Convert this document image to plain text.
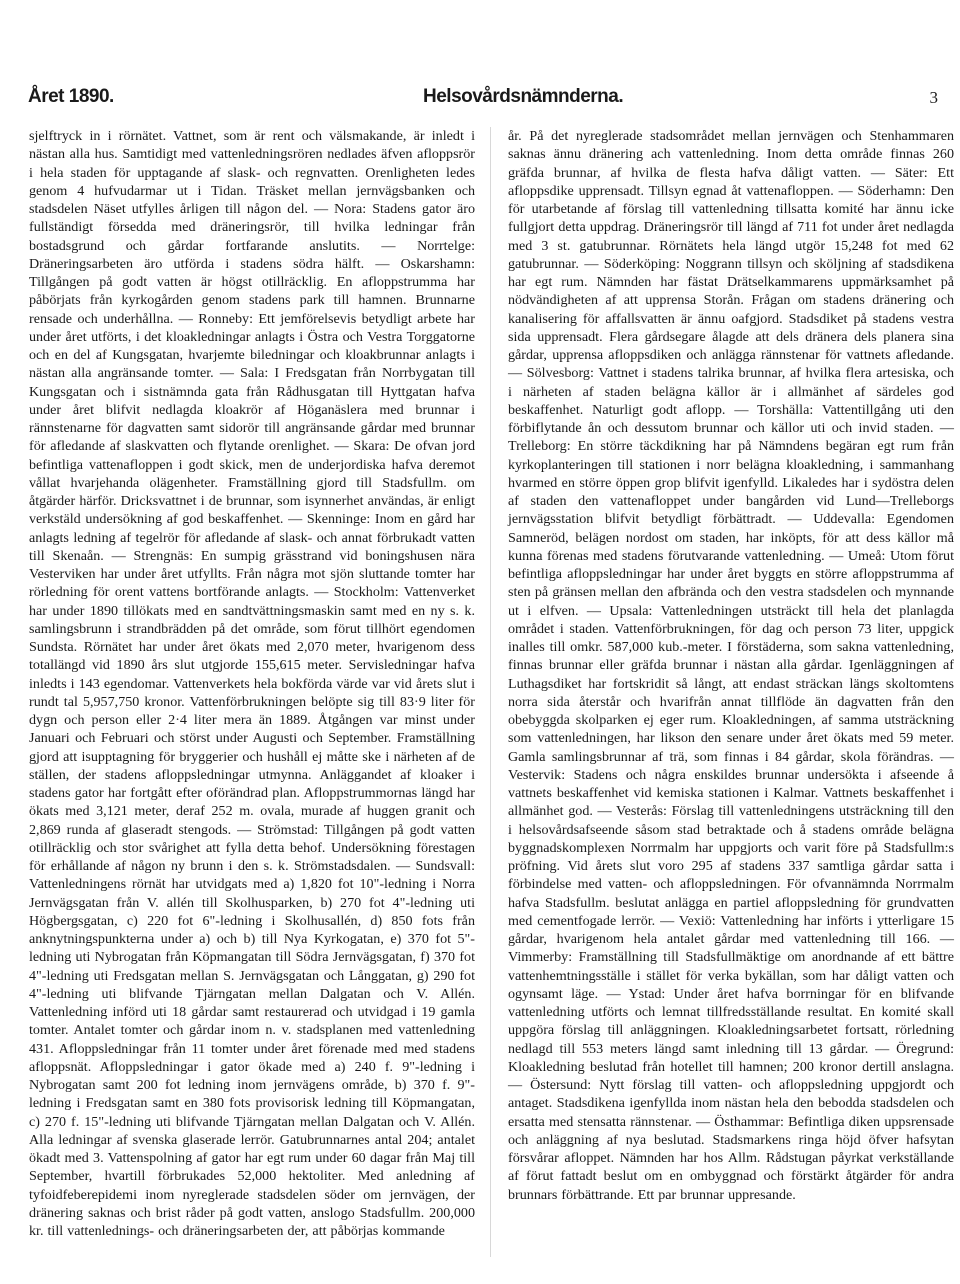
Året 1890.	Helsovårdsnämnderna.	3

sjelftryck in i rörnätet. Vattnet, som är rent och välsmakande, är inledt i nästan alla hus. Samtidigt med vattenledningsrören nedlades äfven afloppsrör i hela staden för upptagande af slask- och regnvatten. Orenligheten ledes genom 4 hufvudarmar ut i Tidan. Träsket mellan jernvägsbanken och stadsdelen Näset utfylles årligen till någon del. — Nora: Stadens gator äro fullständigt försedda med dräneringsrör, till hvilka ledningar från bostadsgrund och gårdar fortfarande anslutits. — Norrtelge: Dräneringsarbeten äro utförda i stadens södra hälft. — Oskarshamn: Tillgången på godt vatten är högst otillräcklig. En afloppstrumma har påbörjats från kyrkogården genom stadens park till hamnen. Brunnarne rensade och underhållna. — Ronneby: Ett jemförelsevis betydligt arbete har under året utförts, i det kloakledningar anlagts i Östra och Vestra Torggatorne och en del af Kungsgatan, hvarjemte biledningar och kloakbrunnar anlagts i nästan alla angränsande tomter. — Sala: I Fredsgatan från Norrbygatan till Kungsgatan och i sistnämnda gata från Rådhusgatan till Hyttgatan hafva under året blifvit nedlagda kloakrör af Höganäslera med brunnar i rännstenarne för dagvatten samt sidorör till angränsande gårdar med brunnar för afledande af slaskvatten och flytande orenlighet. — Skara: De ofvan jord befintliga vattenafloppen i godt skick, men de underjordiska hafva deremot vållat hvarjehanda olägenheter. Framställning gjord till Stadsfullm. om åtgärder härför. Dricksvattnet i de brunnar, som isynnerhet användas, är enligt verkstäld undersökning af god beskaffenhet. — Skenninge: Inom en gård har anlagts ledning af tegelrör för afledande af slask- och annat förbrukadt vatten till Skenaån. — Strengnäs: En sumpig grässtrand vid boningshusen nära Vesterviken har under året utfyllts. Från några mot sjön sluttande tomter har rörledning för orent vattens bortförande anlagts. — Stockholm: Vattenverket har under 1890 tillökats med en sandtvättningsmaskin samt med en ny s. k. samlingsbrunn i strandbrädden på det område, som förut tillhört egendomen Sundsta. Rörnätet har under året ökats med 2,070 meter, hvarigenom dess totallängd vid 1890 års slut utgjorde 155,615 meter. Servisledningar hafva inledts i 143 egendomar. Vattenverkets hela bokförda värde var vid årets slut i rundt tal 5,957,750 kronor. Vattenförbrukningen belöpte sig till 83·9 liter för dygn och person eller 2·4 liter mera än 1889. Åtgången var minst under Januari och Februari och störst under Augusti och September. Framställning gjord att isupptagning för bryggerier och hushåll ej måtte ske i närheten af de ställen, der stadens afloppsledningar utmynna. Anläggandet af kloaker i stadens gator har fortgått efter oförändrad plan. Afloppstrummornas längd har ökats med 3,121 meter, deraf 252 m. ovala, murade af huggen granit och 2,869 runda af glaseradt stengods. — Strömstad: Tillgången på godt vatten otillräcklig och stor svårighet att fylla detta behof. Undersökning förestagen för erhållande af någon ny brunn i den s. k. Strömstadsdalen. — Sundsvall: Vattenledningens rörnät har utvidgats med a) 1,820 fot 10"-ledning i Norra Jernvägsgatan från V. allén till Skolhusparken, b) 270 fot 4"-ledning uti Högbergsgatan, c) 220 fot 6"-ledning i Skolhusallén, d) 850 fots från anknytningspunkterna under a) och b) till Nya Kyrkogatan, e) 370 fot 5"-ledning uti Nybrogatan från Köpmangatan till Södra Jernvägsgatan, f) 370 fot 4"-ledning uti Fredsgatan mellan S. Jernvägsgatan och Långgatan, g) 290 fot 4"-ledning uti blifvande Tjärngatan mellan Dalgatan och V. Allén. Vattenledning införd uti 18 gårdar samt restaurerad och utvidgad i 19 gamla tomter. Antalet tomter och gårdar inom n. v. stadsplanen med vattenledning 431. Afloppsledningar från 11 tomter under året förenade med med stadens afloppsnät. Afloppsledningar i gator ökade med a) 240 f. 9"-ledning i Nybrogatan samt 200 fot ledning inom jernvägens område, b) 370 f. 9"-ledning i Fredsgatan samt en 380 fots provisorisk ledning till Köpmangatan, c) 270 f. 15"-ledning uti blifvande Tjärngatan mellan Dalgatan och V. Allén. Alla ledningar af svenska glaserade lerrör. Gatubrunnarnes antal 204; antalet ökadt med 3. Vattenspolning af gator har egt rum under 60 dagar från Maj till September, hvartill förbrukades 52,000 hektoliter. Med anledning af tyfoidfeberepidemi inom nyreglerade stadsdelen söder om jernvägen, der dränering saknas och brist råder på godt vatten, anslogo Stadsfullm. 200,000 kr. till vattenlednings- och dräneringsarbeten der, att påbörjas kommande

år. På det nyreglerade stadsområdet mellan jernvägen och Stenhammaren saknas ännu dränering ach vattenledning. Inom detta område finnas 260 gräfda brunnar, af hvilka de flesta hafva dåligt vatten. — Säter: Ett afloppsdike upprensadt. Tillsyn egnad åt vattenafloppen. — Söderhamn: Den för utarbetande af förslag till vattenledning tillsatta komité har ännu icke fullgjort detta uppdrag. Dräneringsrör till längd af 711 fot under året nedlagda med 3 st. gatubrunnar. Rörnätets hela längd utgör 15,248 fot med 62 gatubrunnar. — Söderköping: Noggrann tillsyn och sköljning af stadsdikena har egt rum. Nämnden har fästat Drätselkammarens uppmärksamhet på nödvändigheten af att upprensa Storån. Frågan om stadens dränering och kanalisering för affallsvatten är ännu oafgjord. Stadsdiket på stadens vestra sida upprensadt. Flera gårdsegare ålagde att dels dränera dels planera sina gårdar, upprensa afloppsdiken och anlägga rännstenar för vattnets afledande. — Sölvesborg: Vattnet i stadens talrika brunnar, af hvilka flera artesiska, och i närheten af staden belägna källor är i allmänhet af särdeles god beskaffenhet. Naturligt godt aflopp. — Torshälla: Vattentillgång uti den förbiflytande ån och dessutom brunnar och källor uti och invid staden. — Trelleborg: En större täckdikning har på Nämndens begäran egt rum från kyrkoplanteringen till stationen i norr belägna kloakledning, i sammanhang hvarmed en större öppen grop blifvit igenfylld. Likaledes har i sydöstra delen af staden den vattenafloppet under bangården vid Lund—Trelleborgs jernvägsstation blifvit betydligt förbättradt. — Uddevalla: Egendomen Samneröd, belägen nordost om staden, har inköpts, för att dess källor må kunna förenas med stadens förutvarande vattenledning. — Umeå: Utom förut befintliga afloppsledningar har under året byggts en större afloppstrumma af sten på gränsen mellan den afbrända och den vestra stadsdelen och mynnande ut i elfven. — Upsala: Vattenledningen utsträckt till hela det planlagda området i staden. Vattenförbrukningen, för dag och person 73 liter, uppgick inalles till omkr. 587,000 kub.-meter. I förstäderna, som sakna vattenledning, finnas brunnar eller gräfda brunnar i nästan alla gårdar. Igenläggningen af Luthagsdiket har fortskridit så långt, att endast sträckan längs skoltomtens norra sida återstår och hvarifrån annat tillflöde än dagvatten från den obebyggda skolparken ej eger rum. Kloakledningen, af samma utsträckning som vattenledningen, har likson den senare under året ökats med 59 meter. Gamla samlingsbrunnar af trä, som finnas i 84 gårdar, skola förändras. — Vestervik: Stadens och några enskildes brunnar undersökta i afseende å vattnets beskaffenhet vid kemiska stationen i Kalmar. Vattnets beskaffenhet i allmänhet god. — Vesterås: Förslag till vattenledningens utsträckning till den i helsovårdsafseende såsom stad betraktade och å stadens område belägna byggnadskomplexen Norrmalm har uppgjorts och varit före på Stadsfullm:s pröfning. Vid årets slut voro 295 af stadens 337 samtliga gårdar satta i förbindelse med vatten- och afloppsledningen. För ofvannämnda Norrmalm hafva Stadsfullm. beslutat anlägga en partiel afloppsledning för grundvatten med cementfogade lerrör. — Vexiö: Vattenledning har införts i ytterligare 15 gårdar, hvarigenom hela antalet gårdar med vattenledning till 166. — Vimmerby: Framställning till Stadsfullmäktige om anordnande af ett bättre vattenhemtningsställe i stället för verka bykällan, som har dåligt vatten och ogynsamt läge. — Ystad: Under året hafva borrningar för en blifvande vattenledning utförts och lemnat tillfredsställande resultat. En komité skall uppgöra förslag till anläggningen. Kloakledningsarbetet fortsatt, rörledning nedlagd till 553 meters längd samt inledning till 13 gårdar. — Öregrund: Kloakledning beslutad från hotellet till hamnen; 200 kronor dertill anslagna. — Östersund: Nytt förslag till vatten- och afloppsledning uppgjordt och antaget. Stadsdikena igenfyllda inom nästan hela den bebodda stadsdelen och ersatta med stensatta rännstenar. — Östhammar: Befintliga diken uppsrensade och anläggning af nya beslutad. Stadsmarkens ringa höjd öfver hafsytan försvårar afloppet. Nämnden har hos Allm. Rådstugan påyrkat verkställande af förut fattadt beslut om en ombyggnad och förstärkt åtgärder för andra brunnars förbättrande. Ett par brunnar uppresande.
